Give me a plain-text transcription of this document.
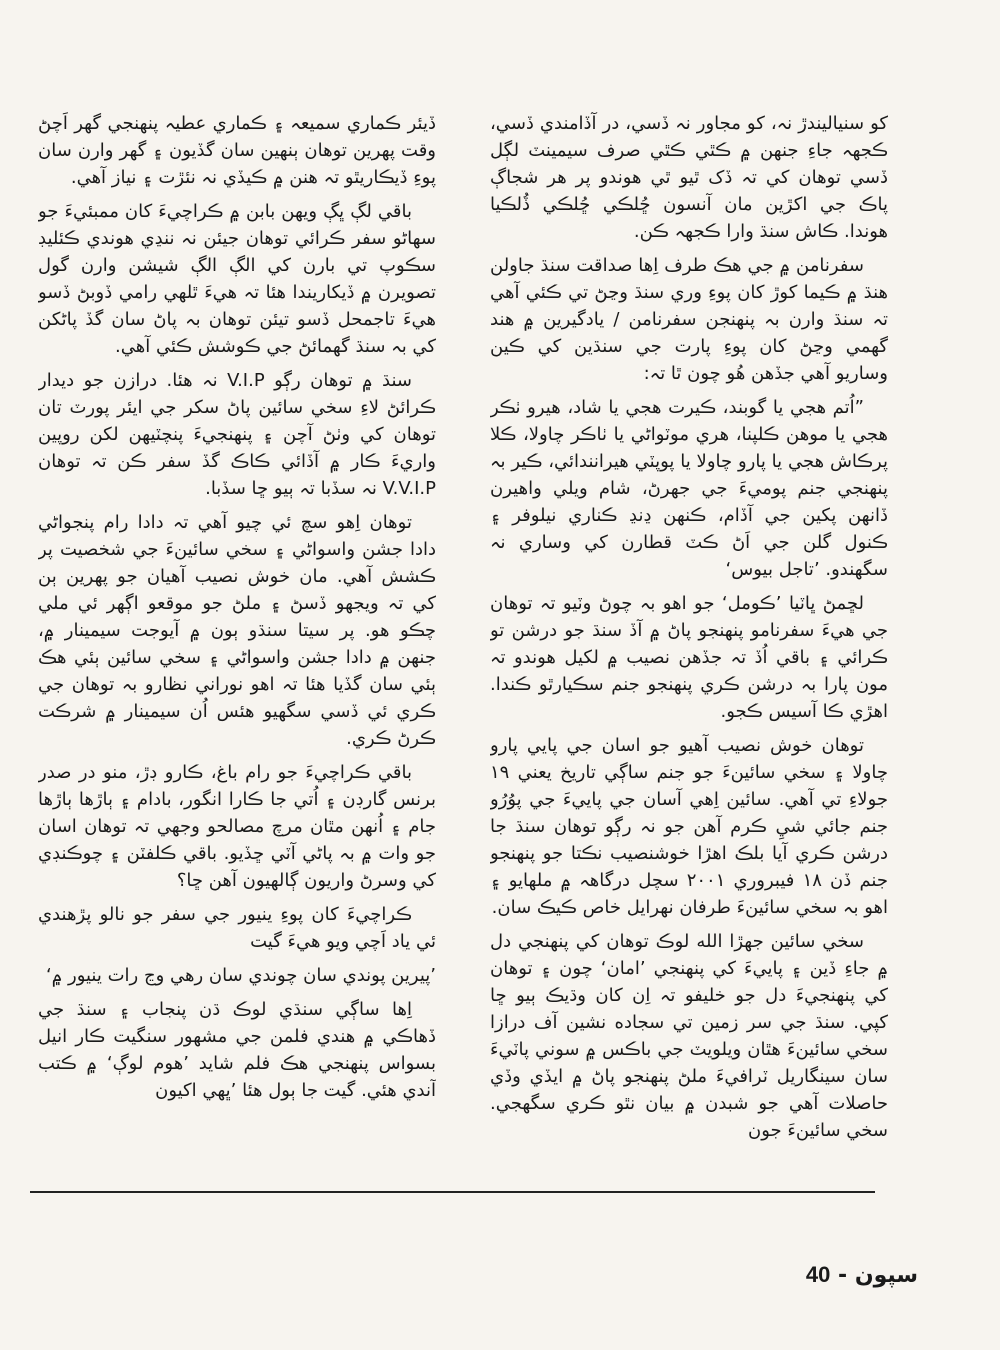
کو سنياليندڙ نہ، کو مجاور نہ ڏسي، در آڏامندي ڏسي، ڪجهہ جاءِ جنهن ۾ ڪٿي ڪٿي صرف سيمينٽ لڳل ڏسي توهان کي تہ ڏک ٿيو ٿي هوندو پر هر شجاڳ پاڪ جي اکڙين مان آنسون ڇُلڪي ڇُلڪي ڏُلڪيا هوندا. ڪاش سنڌ وارا ڪجهہ ڪن.

سفرنامن ۾ جي هڪ طرف اِها صداقت سنڌ جاولن هنڌ ۾ ڪيما کوڙ کان پوءِ وري سنڌ وڃڻ تي ڪئي آهي تہ سنڌ وارن بہ پنهنجن سفرنامن / يادگيرين ۾ هند گهمي وڃڻ کان پوءِ پارت جي سنڌين کي ڪين وساريو آهي جڏهن هُو چون ٿا تہ:

”اُتم هجي يا گوبند، ڪيرت هجي يا شاد، هيرو ٺڪر هجي يا موهن ڪلپنا، هري موٽواڻي يا ٺاڪر چاولا، ڪلا پرڪاش هجي يا پارو چاولا يا پوپٽي هيرانندائي، ڪير بہ پنهنجي جنم پوميءَ جي جهرڻ، شام ويلي واهيرن ڏانهن پکين جي آڏام، ڪنهن ڍنڍ ڪناري نيلوفر ۽ ڪنول گلن جي اَڻ ڪٽ قطارن کي وساري نہ سگهندو. ’تاجل بيوس‘

لڇمڻ ڀاٽيا ’ڪومل‘ جو اهو بہ چوڻ وٽيو تہ توهان جي هيءَ سفرنامو پنهنجو پاڻ ۾ آڏ سنڌ جو درشن تو ڪرائي ۽ باقي اُڏ تہ جڏهن نصيب ۾ لکيل هوندو تہ مون پارا بہ درشن ڪري پنهنجو جنم سڪيارٿو ڪندا. اهڙي ڪا آسيس ڪجو.

توهان خوش نصيب آهيو جو اسان جي پايي پارو چاولا ۽ سخي سائينءَ جو جنم ساڳي تاريخ يعني ١٩ جولاءِ تي آهي. سائين اِهي آسان جي پاييءَ جي پوُرُو جنم جائي شيِ ڪرم آهن جو نہ رڳو توهان سنڌ جا درشن ڪري آيا بلڪ اهڙا خوشنصيب نڪتا جو پنهنجو جنم ڏن ١٨ فيبروري ٢٠٠١ سچل درگاهہ ۾ ملهايو ۽ اهو بہ سخي سائينءَ طرفان نهرايل خاص ڪيڪ سان.

سخي سائين جهڙا الله لوڪ توهان کي پنهنجي دل ۾ جاءِ ڏين ۽ پاييءَ کي پنهنجي ’امان‘ چون ۽ توهان کي پنهنجيءَ دل جو خليفو تہ اِن کان وڌيڪ ٻيو ڇا کپي. سنڌ جي سر زمين تي سجاده نشين آف درازا سخي سائينءَ هٿان ويلويٽ جي باڪس ۾ سوني پاٽيءَ سان سينگاريل ٽرافيءَ ملڻ پنهنجو پاڻ ۾ ايڏي وڏي حاصلات آهي جو شبدن ۾ بيان نٿو ڪري سگهجي. سخي سائينءَ جون

ڏيئر ڪماري سميعہ ۽ ڪماري عطيہ پنهنجي گهر اَچڻ وقت پهرين توهان ٻنهين سان گڏيون ۽ گهر وارن سان پوءِ ڏيڪاريٿو تہ هنن ۾ ڪيڏي نہ نئڙت ۽ نياز آهي.

باقي لڳ ڀڳ ويهن بابن ۾ ڪراچيءَ کان ممبئيءَ جو سهاڻو سفر ڪرائي توهان جيئن نہ ننڍي هوندي ڪئليڊ سڪوپ تي بارن کي الڳ الڳ شيشن وارن گول تصويرن ۾ ڏيکاريندا هئا تہ هيءَ ٿلهي رامي ڏوبڻ ڏسو هيءَ تاجمحل ڏسو تيئن توهان بہ پاڻ سان گڏ پاڻکن کي بہ سنڌ گهمائڻ جي ڪوشش ڪئي آهي.

سنڌ ۾ توهان رڳو V.I.P نہ هئا. درازن جو ديدار ڪرائڻ لاءِ سخي سائين پاڻ سکر جي ايئر پورٽ تان توهان کي وٺڻ آچن ۽ پنهنجيءَ پنچٽيهن لکن روپين واريءَ ڪار ۾ آڏائي ڪاڪ گڏ سفر ڪن تہ توهان V.V.I.P نہ سڏبا تہ ٻيو ڇا سڏبا.

توهان اِهو سچ ئي چيو آهي تہ دادا رام پنجواڻي دادا جشن واسواڻي ۽ سخي سائينءَ جي شخصيت پر ڪشش آهي. مان خوش نصيب آهيان جو پهرين ٻن کي تہ ويجهو ڏسڻ ۽ ملڻ جو موقعو اڳهر ئي ملي چڪو هو. پر سيتا سنڌو ٻون ۾ آيوجت سيمينار ۾، جنهن ۾ دادا جشن واسواڻي ۽ سخي سائين ٻئي هڪ ٻئي سان گڏيا هئا تہ اهو نوراني نظارو بہ توهان جي ڪري ئي ڏسي سگهيو هئس اُن سيمينار ۾ شرڪت ڪرڻ ڪري.

باقي ڪراچيءَ جو رام باغ، ڪارو ڊڙ، منو در صدر برنس گارڊن ۽ اُتي جا ڪارا انگور، بادام ۽ ٻاڙها ٻاڙها جام ۽ اُنهن مٿان مرچ مصالحو وجهي تہ توهان اسان جو وات ۾ بہ پاڻي آٽي ڇڏيو. باقي ڪلفٽن ۽ چوڪنڊي کي وسرڻ واريون ڳالهيون آهن ڇا؟

ڪراچيءَ کان پوءِ ينيور جي سفر جو نالو پڙهندي ئي ياد اَچي ويو هيءَ گيت

’پيرين پوندي سان چوندي سان رهي وڃ رات ينيور ۾‘

اِها ساڳي سنڌي لوڪ ڌن پنجاب ۽ سنڌ جي ڏهاڪي ۾ هندي فلمن جي مشهور سنگيت ڪار انيل بسواس پنهنجي هڪ فلم شايد ’هوم لوڳ‘ ۾ ڪتب آندي هئي. گيت جا ٻول هئا ’ڀهي اکيون

سپون - 40
